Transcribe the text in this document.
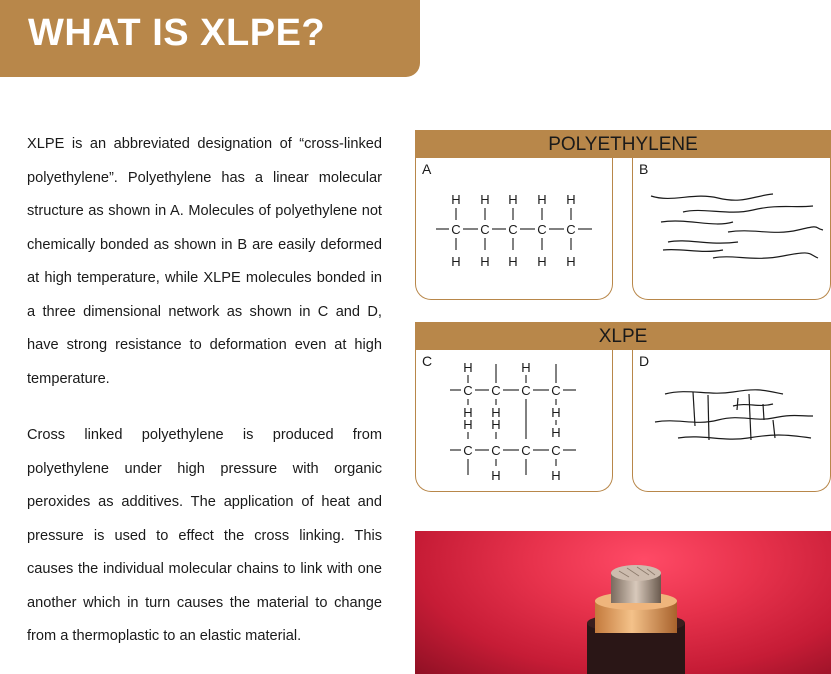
WHAT IS XLPE?

XLPE is an abbreviated designation of “cross-linked polyethylene”. Polyethylene has a linear molecular structure as shown in A. Molecules of polyethylene not chemically bonded as shown in B are easily deformed at high temperature, while XLPE molecules bonded in a three dimensional network as shown in C and D, have strong resistance to deformation even at high temperature.

Cross linked polyethylene is produced from polyethylene under high pressure with organic peroxides as additives. The application of heat and pressure is used to effect the cross linking. This causes the individual molecular chains to link with one another which in turn causes the material to change from a thermoplastic to an elastic material.

POLYETHYLENE
A
H
C
H
H
C
H
H
C
H
H
C
H
H
C
H
B
XLPE
C H	H
C C C C
H
H
H
H
H
H
C C C C
H	H
D
